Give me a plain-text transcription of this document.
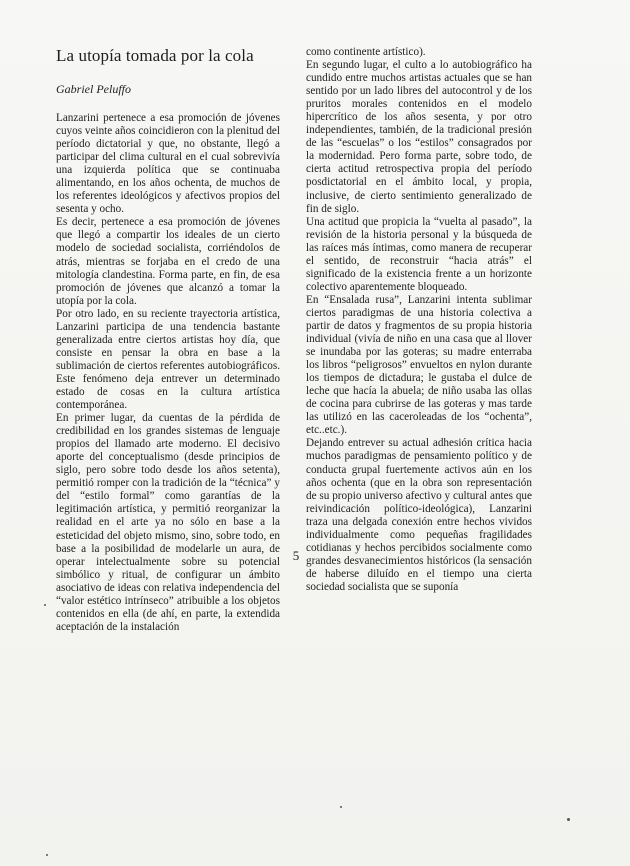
La utopía tomada por la cola
Gabriel Peluffo

Lanzarini pertenece a esa promoción de jóvenes cuyos veinte años coincidieron con la plenitud del período dictatorial y que, no obstante, llegó a participar del clima cultural en el cual sobrevivía una izquierda política que se continuaba alimentando, en los años ochenta, de muchos de los referentes ideológicos y afectivos propios del sesenta y ocho.

Es decir, pertenece a esa promoción de jóvenes que llegó a compartir los ideales de un cierto modelo de sociedad socialista, corriéndolos de atrás, mientras se forjaba en el credo de una mitología clandestina. Forma parte, en fin, de esa promoción de jóvenes que alcanzó a tomar la utopía por la cola.

Por otro lado, en su reciente trayectoria artística, Lanzarini participa de una tendencia bastante generalizada entre ciertos artistas hoy día, que consiste en pensar la obra en base a la sublimación de ciertos referentes autobiográficos. Este fenómeno deja entrever un determinado estado de cosas en la cultura artística contemporánea.

En primer lugar, da cuentas de la pérdida de credibilidad en los grandes sistemas de lenguaje propios del llamado arte moderno. El decisivo aporte del conceptualismo (desde principios de siglo, pero sobre todo desde los años setenta), permitió romper con la tradición de la “técnica” y del “estilo formal” como garantías de la legitimación artística, y permitió reorganizar la realidad en el arte ya no sólo en base a la esteticidad del objeto mismo, sino, sobre todo, en base a la posibilidad de modelarle un aura, de operar intelectualmente sobre su potencial simbólico y ritual, de configurar un ámbito asociativo de ideas con relativa independencia del “valor estético intrínseco” atribuible a los objetos contenidos en ella (de ahí, en parte, la extendida aceptación de la instalación

como continente artístico).

En segundo lugar, el culto a lo autobiográfico ha cundido entre muchos artistas actuales que se han sentido por un lado libres del autocontrol y de los pruritos morales contenidos en el modelo hipercrítico de los años sesenta, y por otro independientes, también, de la tradicional presión de las “escuelas” o los “estilos” consagrados por la modernidad. Pero forma parte, sobre todo, de cierta actitud retrospectiva propia del período posdictatorial en el ámbito local, y propia, inclusive, de cierto sentimiento generalizado de fin de siglo.

Una actitud que propicia la “vuelta al pasado”, la revisión de la historia personal y la búsqueda de las raíces más íntimas, como manera de recuperar el sentido, de reconstruir “hacia atrás” el significado de la existencia frente a un horizonte colectivo aparentemente bloqueado.

En “Ensalada rusa”, Lanzarini intenta sublimar ciertos paradigmas de una historia colectiva a partir de datos y fragmentos de su propia historia individual (vivía de niño en una casa que al llover se inundaba por las goteras; su madre enterraba los libros “peligrosos” envueltos en nylon durante los tiempos de dictadura; le gustaba el dulce de leche que hacía la abuela; de niño usaba las ollas de cocina para cubrirse de las goteras y mas tarde las utilizó en las caceroleadas de los “ochenta”, etc..etc.).

Dejando entrever su actual adhesión crítica hacia muchos paradigmas de pensamiento político y de conducta grupal fuertemente activos aún en los años ochenta (que en la obra son representación de su propio universo afectivo y cultural antes que reivindicación político-ideológica), Lanzarini traza una delgada conexión entre hechos vividos individualmente como pequeñas fragilidades cotidianas y hechos percibidos socialmente como grandes desvanecimientos históricos (la sensación de haberse diluído en el tiempo una cierta sociedad socialista que se suponía

5
